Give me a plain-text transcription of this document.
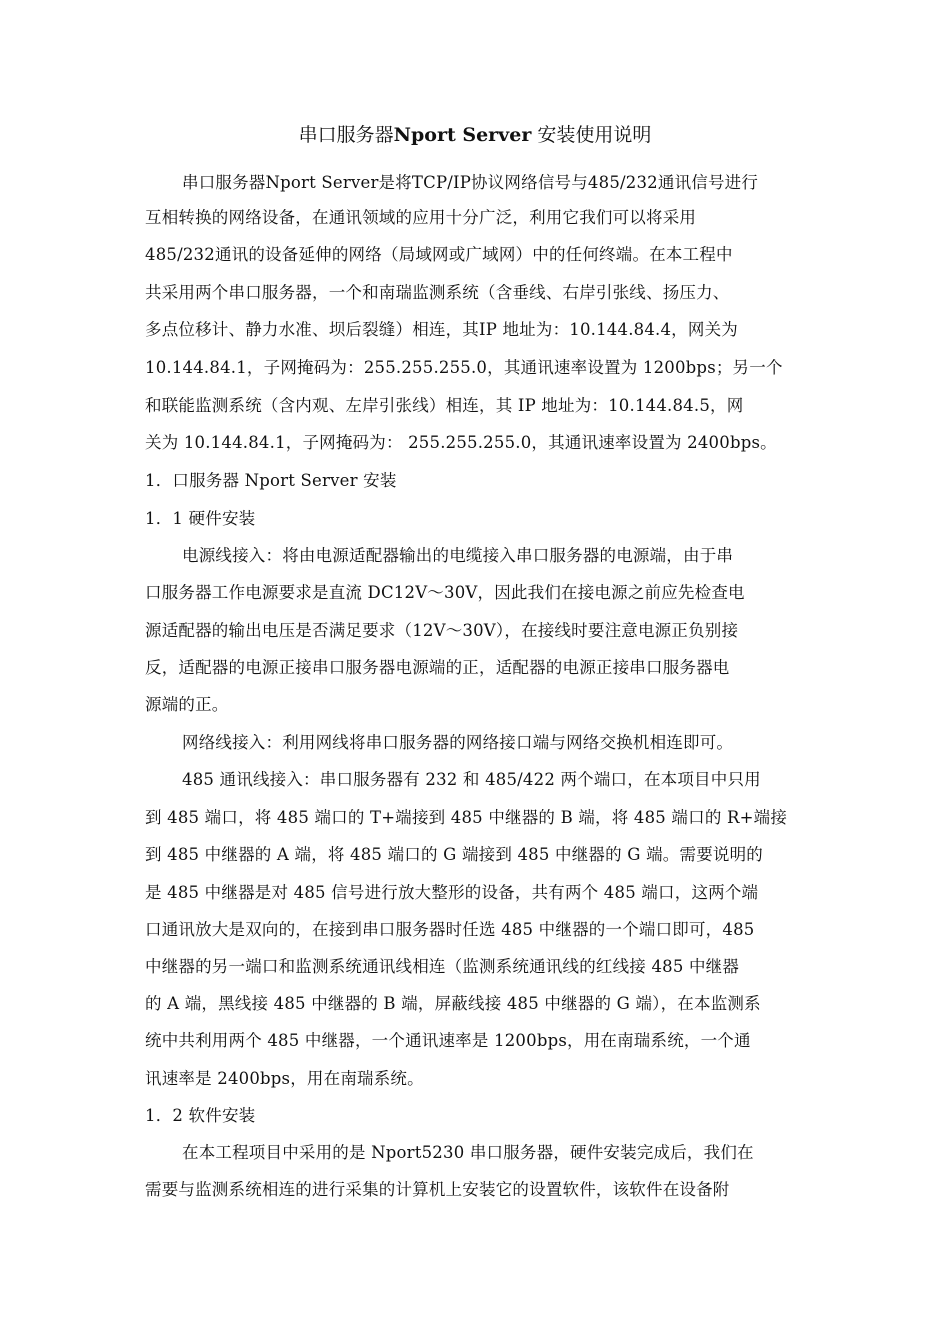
串口服务器Nport Server 安装使用说明
串口服务器Nport Server是将TCP/IP协议网络信号与485/232通讯信号进行
互相转换的网络设备，在通讯领域的应用十分广泛，利用它我们可以将采用
485/232通讯的设备延伸的网络（局域网或广域网）中的任何终端。在本工程中
共采用两个串口服务器，一个和南瑞监测系统（含垂线、右岸引张线、扬压力、
多点位移计、静力水准、坝后裂缝）相连，其IP 地址为：10.144.84.4，网关为
10.144.84.1，子网掩码为：255.255.255.0，其通讯速率设置为 1200bps；另一个
和联能监测系统（含内观、左岸引张线）相连，其 IP 地址为：10.144.84.5，网
关为 10.144.84.1，子网掩码为： 255.255.255.0，其通讯速率设置为 2400bps。
1．口服务器 Nport Server 安装
1．1 硬件安装
电源线接入：将由电源适配器输出的电缆接入串口服务器的电源端，由于串
口服务器工作电源要求是直流 DC12V～30V，因此我们在接电源之前应先检查电
源适配器的输出电压是否满足要求（12V～30V），在接线时要注意电源正负别接
反，适配器的电源正接串口服务器电源端的正，适配器的电源正接串口服务器电
源端的正。
网络线接入：利用网线将串口服务器的网络接口端与网络交换机相连即可。
485 通讯线接入：串口服务器有 232 和 485/422 两个端口，在本项目中只用
到 485 端口，将 485 端口的 T+端接到 485 中继器的 B 端，将 485 端口的 R+端接
到 485 中继器的 A 端，将 485 端口的 G 端接到 485 中继器的 G 端。需要说明的
是 485 中继器是对 485 信号进行放大整形的设备，共有两个 485 端口，这两个端
口通讯放大是双向的，在接到串口服务器时任选 485 中继器的一个端口即可，485
中继器的另一端口和监测系统通讯线相连（监测系统通讯线的红线接 485 中继器
的 A 端，黑线接 485 中继器的 B 端，屏蔽线接 485 中继器的 G 端），在本监测系
统中共利用两个 485 中继器，一个通讯速率是 1200bps，用在南瑞系统，一个通
讯速率是 2400bps，用在南瑞系统。
1．2 软件安装
在本工程项目中采用的是 Nport5230 串口服务器，硬件安装完成后，我们在
需要与监测系统相连的进行采集的计算机上安装它的设置软件，该软件在设备附
